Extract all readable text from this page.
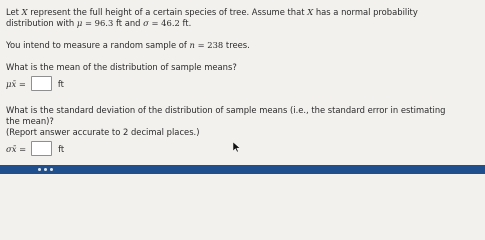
Let X represent the full height of a certain species of tree. Assume that X has a normal probability
distribution with μ = 96.3 ft and σ = 46.2 ft.
You intend to measure a random sample of n = 238 trees.
What is the mean of the distribution of sample means?
μx̄ =	ft
What is the standard deviation of the distribution of sample means (i.e., the standard error in estimating
the mean)?
(Report answer accurate to 2 decimal places.)
σx̄ =	ft
